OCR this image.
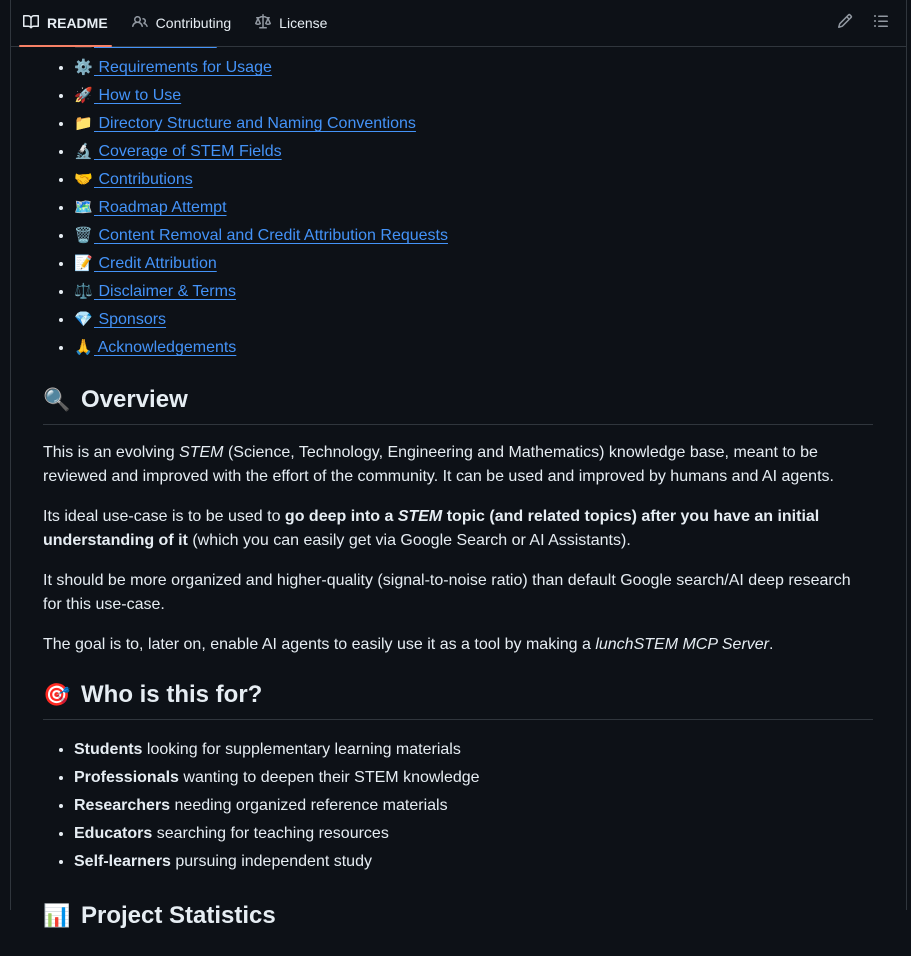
README	Contributing	License
•
• ⚙️ Requirements for Usage
• 🚀 How to Use
• 📁 Directory Structure and Naming Conventions
• 🔬 Coverage of STEM Fields
• 🤝 Contributions
• 🗺️ Roadmap Attempt
• 🗑️ Content Removal and Credit Attribution Requests
• 📝 Credit Attribution
• ⚖️ Disclaimer & Terms
• 💎 Sponsors
• 🙏 Acknowledgements
🔍 Overview

This is an evolving STEM (Science, Technology, Engineering and Mathematics) knowledge base, meant to be reviewed and improved with the effort of the community. It can be used and improved by humans and AI agents.

Its ideal use-case is to be used to go deep into a STEM topic (and related topics) after you have an initial understanding of it (which you can easily get via Google Search or AI Assistants).

It should be more organized and higher-quality (signal-to-noise ratio) than default Google search/AI deep research for this use-case.

The goal is to, later on, enable AI agents to easily use it as a tool by making a lunchSTEM MCP Server.

🎯 Who is this for?
• Students looking for supplementary learning materials
• Professionals wanting to deepen their STEM knowledge
• Researchers needing organized reference materials
• Educators searching for teaching resources
• Self-learners pursuing independent study
📊 Project Statistics
